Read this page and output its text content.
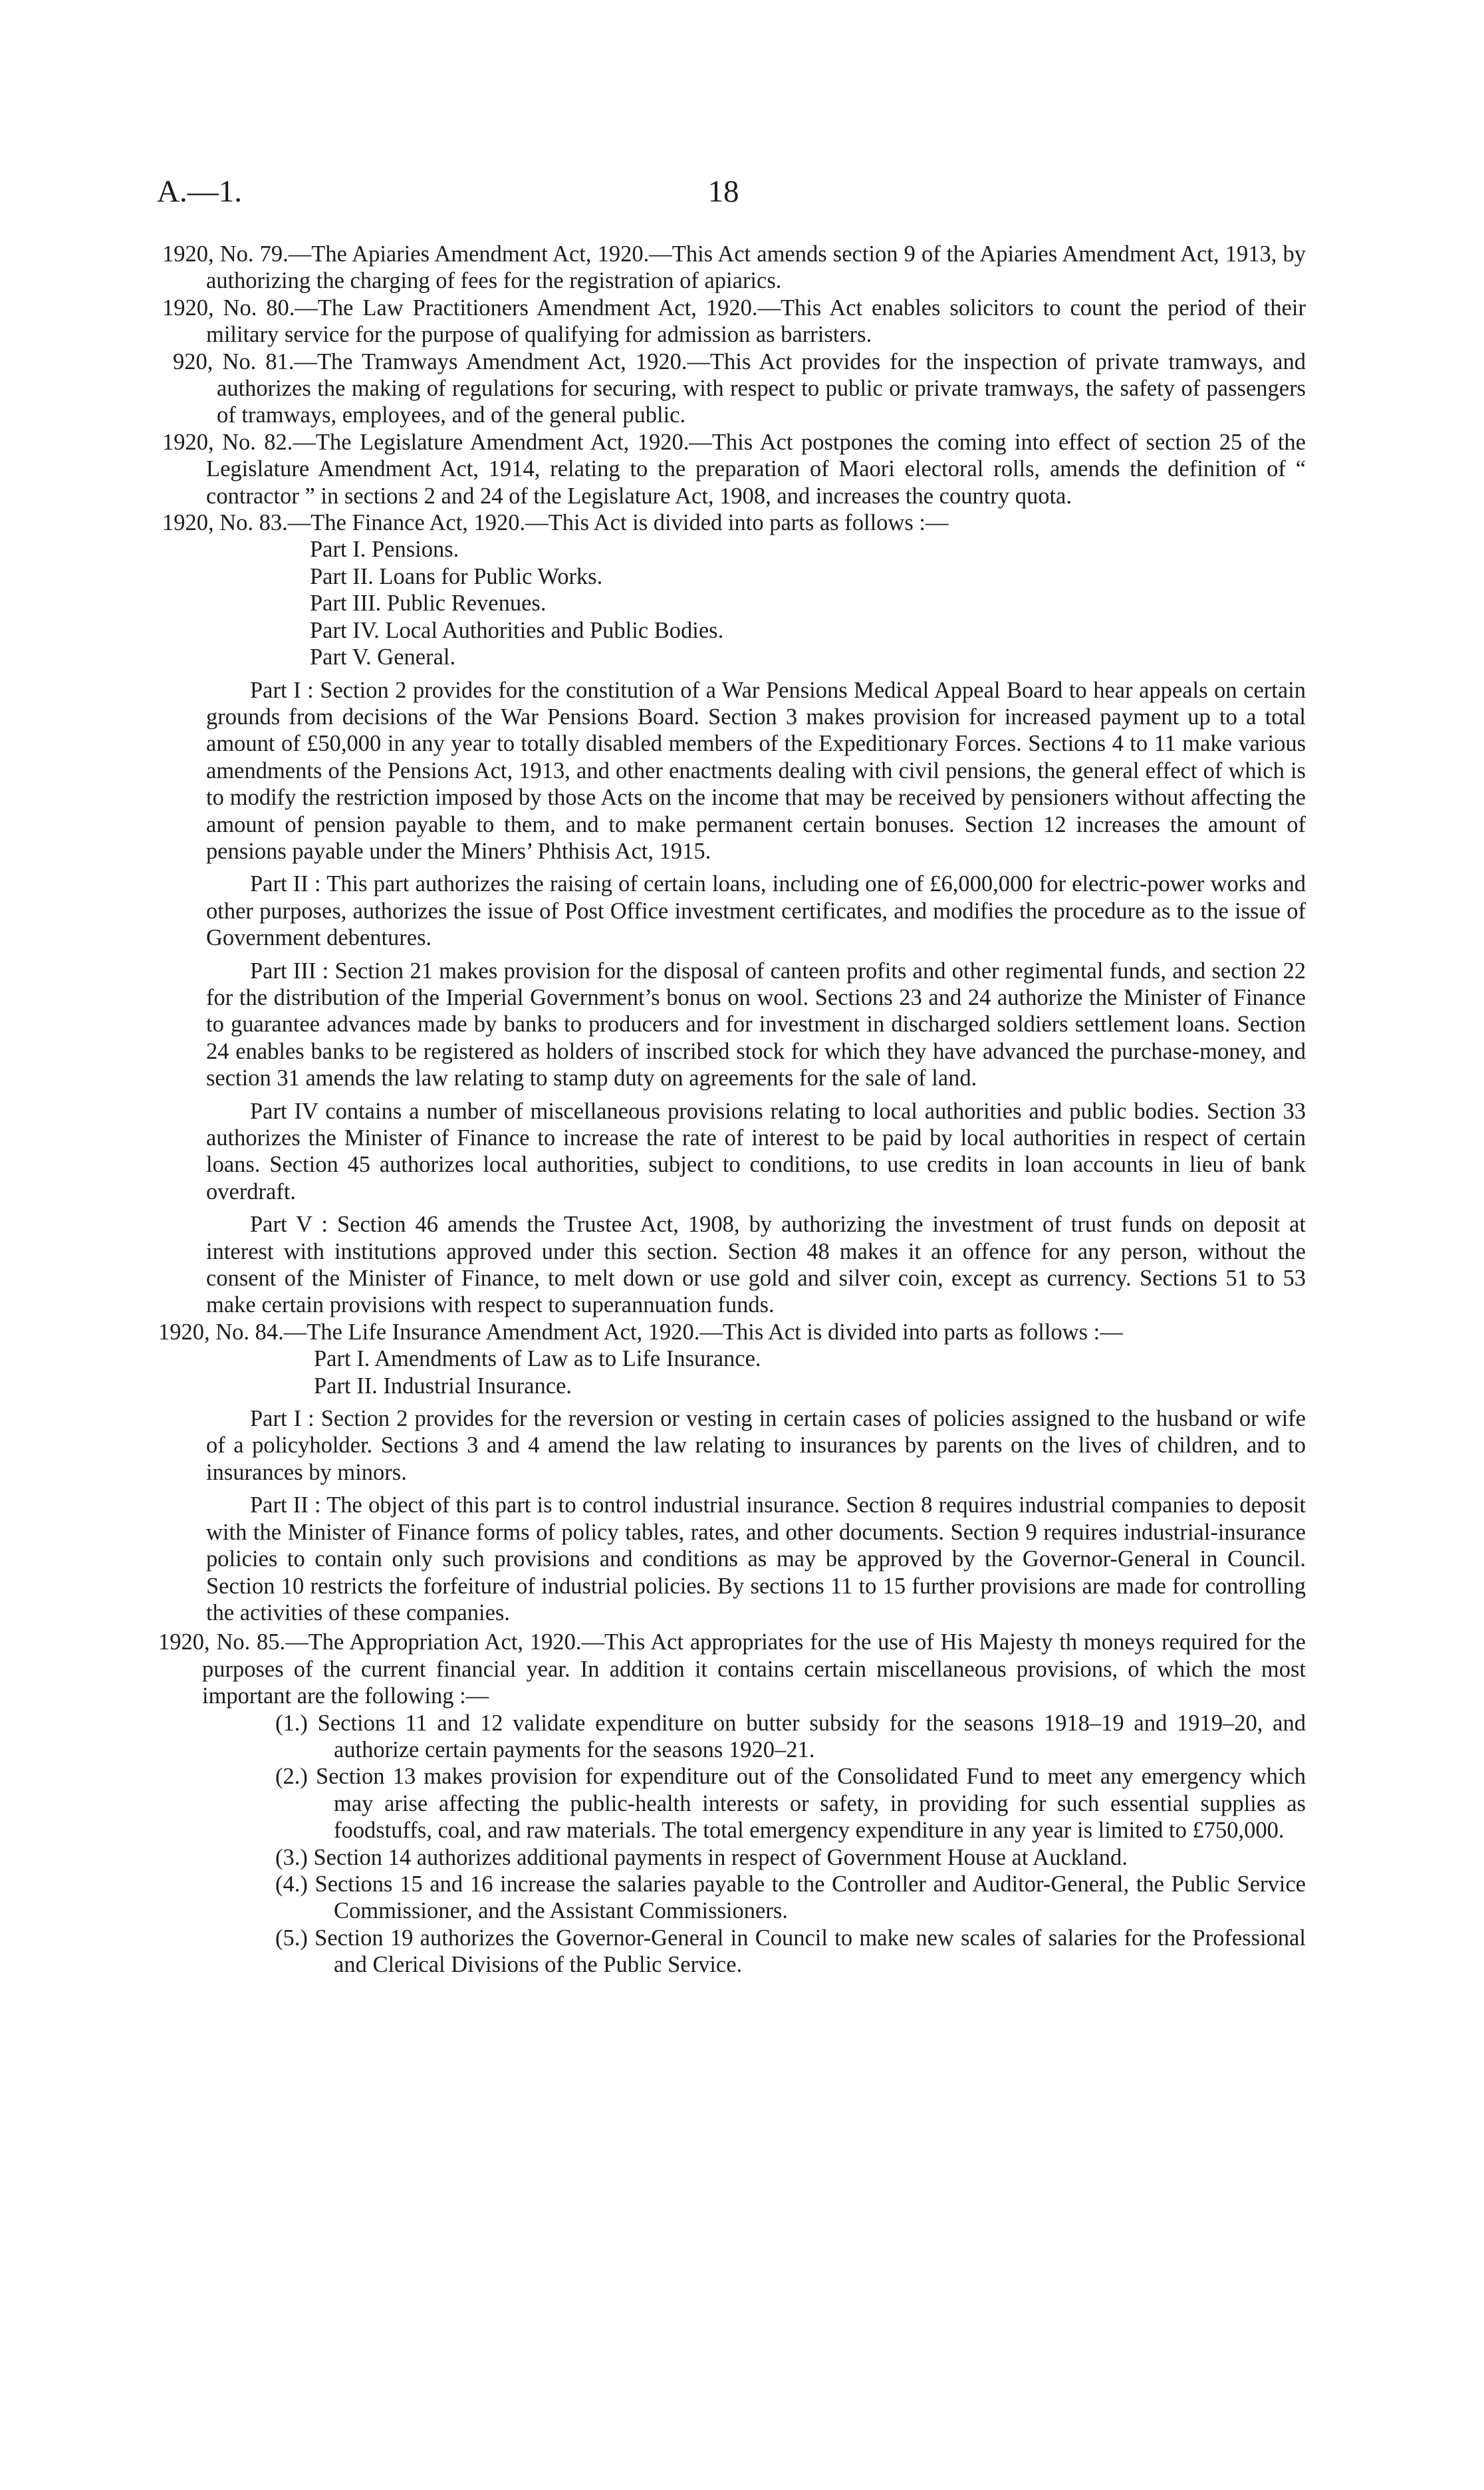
A.—1.	18

1920, No. 79.—The Apiaries Amendment Act, 1920.—This Act amends section 9 of the Apiaries Amendment Act, 1913, by authorizing the charging of fees for the registration of apiarics.

1920, No. 80.—The Law Practitioners Amendment Act, 1920.—This Act enables solicitors to count the period of their military service for the purpose of qualifying for admission as barristers.

920, No. 81.—The Tramways Amendment Act, 1920.—This Act provides for the inspection of private tramways, and authorizes the making of regulations for securing, with respect to public or private tramways, the safety of passengers of tramways, employees, and of the general public.

1920, No. 82.—The Legislature Amendment Act, 1920.—This Act postpones the coming into effect of section 25 of the Legislature Amendment Act, 1914, relating to the preparation of Maori electoral rolls, amends the definition of “ contractor ” in sections 2 and 24 of the Legislature Act, 1908, and increases the country quota.

1920, No. 83.—The Finance Act, 1920.—This Act is divided into parts as follows :—

Part I. Pensions.
Part II. Loans for Public Works.
Part III. Public Revenues.
Part IV. Local Authorities and Public Bodies.
Part V. General.

Part I : Section 2 provides for the constitution of a War Pensions Medical Appeal Board to hear appeals on certain grounds from decisions of the War Pensions Board. Section 3 makes provision for increased payment up to a total amount of £50,000 in any year to totally disabled members of the Expeditionary Forces. Sections 4 to 11 make various amendments of the Pensions Act, 1913, and other enactments dealing with civil pensions, the general effect of which is to modify the restriction imposed by those Acts on the income that may be received by pensioners without affecting the amount of pension payable to them, and to make permanent certain bonuses. Section 12 increases the amount of pensions payable under the Miners’ Phthisis Act, 1915.

Part II : This part authorizes the raising of certain loans, including one of £6,000,000 for electric-power works and other purposes, authorizes the issue of Post Office investment certificates, and modifies the procedure as to the issue of Government debentures.

Part III : Section 21 makes provision for the disposal of canteen profits and other regimental funds, and section 22 for the distribution of the Imperial Government’s bonus on wool. Sections 23 and 24 authorize the Minister of Finance to guarantee advances made by banks to producers and for investment in discharged soldiers settlement loans. Section 24 enables banks to be registered as holders of inscribed stock for which they have advanced the purchase-money, and section 31 amends the law relating to stamp duty on agreements for the sale of land.

Part IV contains a number of miscellaneous provisions relating to local authorities and public bodies. Section 33 authorizes the Minister of Finance to increase the rate of interest to be paid by local authorities in respect of certain loans. Section 45 authorizes local authorities, subject to conditions, to use credits in loan accounts in lieu of bank overdraft.

Part V : Section 46 amends the Trustee Act, 1908, by authorizing the investment of trust funds on deposit at interest with institutions approved under this section. Section 48 makes it an offence for any person, without the consent of the Minister of Finance, to melt down or use gold and silver coin, except as currency. Sections 51 to 53 make certain provisions with respect to superannuation funds.

1920, No. 84.—The Life Insurance Amendment Act, 1920.—This Act is divided into parts as follows :—

Part I. Amendments of Law as to Life Insurance.
Part II. Industrial Insurance.

Part I : Section 2 provides for the reversion or vesting in certain cases of policies assigned to the husband or wife of a policyholder. Sections 3 and 4 amend the law relating to insurances by parents on the lives of children, and to insurances by minors.

Part II : The object of this part is to control industrial insurance. Section 8 requires industrial companies to deposit with the Minister of Finance forms of policy tables, rates, and other documents. Section 9 requires industrial-insurance policies to contain only such provisions and conditions as may be approved by the Governor-General in Council. Section 10 restricts the forfeiture of industrial policies. By sections 11 to 15 further provisions are made for controlling the activities of these companies.

1920, No. 85.—The Appropriation Act, 1920.—This Act appropriates for the use of His Majesty th moneys required for the purposes of the current financial year. In addition it contains certain miscellaneous provisions, of which the most important are the following :—

(1.) Sections 11 and 12 validate expenditure on butter subsidy for the seasons 1918–19 and 1919–20, and authorize certain payments for the seasons 1920–21.
(2.) Section 13 makes provision for expenditure out of the Consolidated Fund to meet any emergency which may arise affecting the public-health interests or safety, in providing for such essential supplies as foodstuffs, coal, and raw materials. The total emergency expenditure in any year is limited to £750,000.
(3.) Section 14 authorizes additional payments in respect of Government House at Auckland.
(4.) Sections 15 and 16 increase the salaries payable to the Controller and Auditor-General, the Public Service Commissioner, and the Assistant Commissioners.
(5.) Section 19 authorizes the Governor-General in Council to make new scales of salaries for the Professional and Clerical Divisions of the Public Service.
